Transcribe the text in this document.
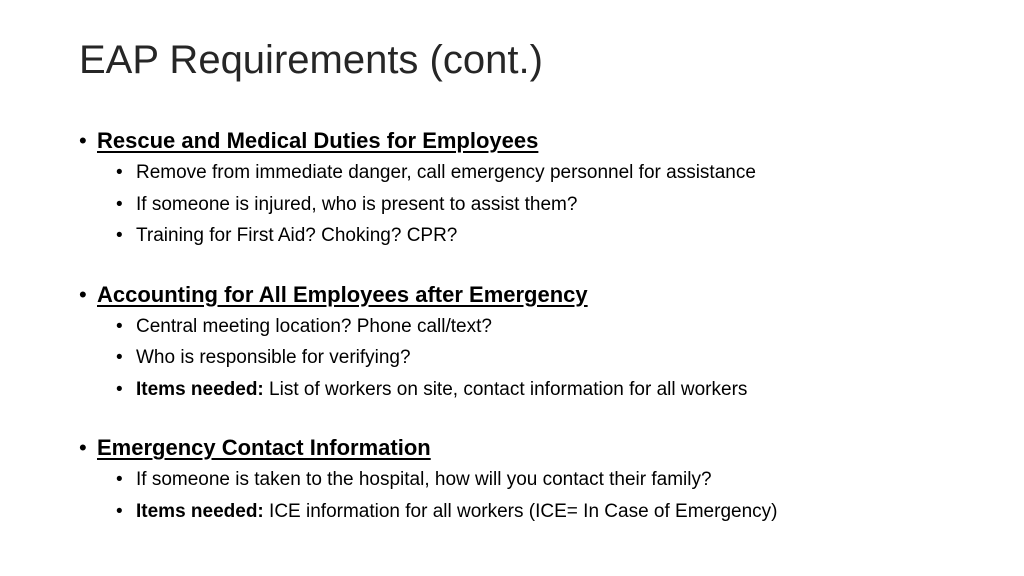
EAP Requirements (cont.)
• Rescue and Medical Duties for Employees
• Remove from immediate danger, call emergency personnel for assistance
• If someone is injured, who is present to assist them?
• Training for First Aid? Choking? CPR?
• Accounting for All Employees after Emergency
• Central meeting location? Phone call/text?
• Who is responsible for verifying?
• Items needed: List of workers on site, contact information for all workers
• Emergency Contact Information
• If someone is taken to the hospital, how will you contact their family?
• Items needed: ICE information for all workers (ICE= In Case of Emergency)
